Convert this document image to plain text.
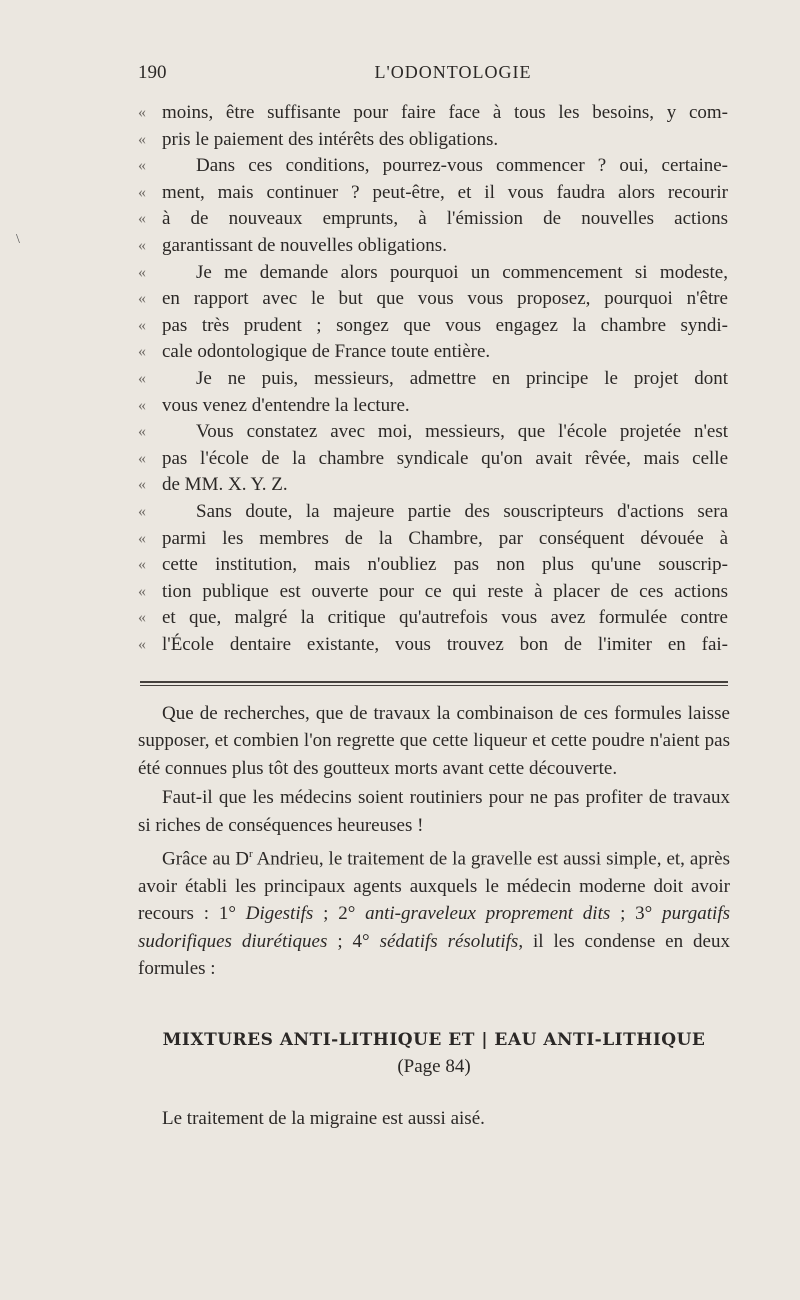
\
190	L'ODONTOLOGIE
« moins, être suffisante pour faire face à tous les besoins, y com-
« pris le paiement des intérêts des obligations.
«	Dans ces conditions, pourrez-vous commencer ? oui, certaine-
« ment, mais continuer ? peut-être, et il vous faudra alors recourir
« à de nouveaux emprunts, à l'émission de nouvelles actions
« garantissant de nouvelles obligations.
«	Je me demande alors pourquoi un commencement si modeste,
« en rapport avec le but que vous vous proposez, pourquoi n'être
« pas très prudent ; songez que vous engagez la chambre syndi-
« cale odontologique de France toute entière.
«	Je ne puis, messieurs, admettre en principe le projet dont
« vous venez d'entendre la lecture.
«	Vous constatez avec moi, messieurs, que l'école projetée n'est
« pas l'école de la chambre syndicale qu'on avait rêvée, mais celle
« de MM. X. Y. Z.
«	Sans doute, la majeure partie des souscripteurs d'actions sera
« parmi les membres de la Chambre, par conséquent dévouée à
« cette institution, mais n'oubliez pas non plus qu'une souscrip-
« tion publique est ouverte pour ce qui reste à placer de ces actions
« et que, malgré la critique qu'autrefois vous avez formulée contre
« l'École dentaire existante, vous trouvez bon de l'imiter en fai-

Que de recherches, que de travaux la combinaison de ces formules laisse supposer, et combien l'on regrette que cette liqueur et cette poudre n'aient pas été connues plus tôt des goutteux morts avant cette découverte.

Faut-il que les médecins soient routiniers pour ne pas profiter de travaux si riches de conséquences heureuses !

Grâce au $D^r$ Andrieu, le traitement de la gravelle est aussi simple, et, après avoir établi les principaux agents auxquels le médecin moderne doit avoir recours : 1° Digestifs ; 2° anti-graveleux proprement dits ; 3° purgatifs sudorifiques diurétiques ; 4° sédatifs résolutifs, il les condense en deux formules :

MIXTURES ANTI-LITHIQUE ET | EAU ANTI-LITHIQUE
(Page 84)
Le traitement de la migraine est aussi aisé.
